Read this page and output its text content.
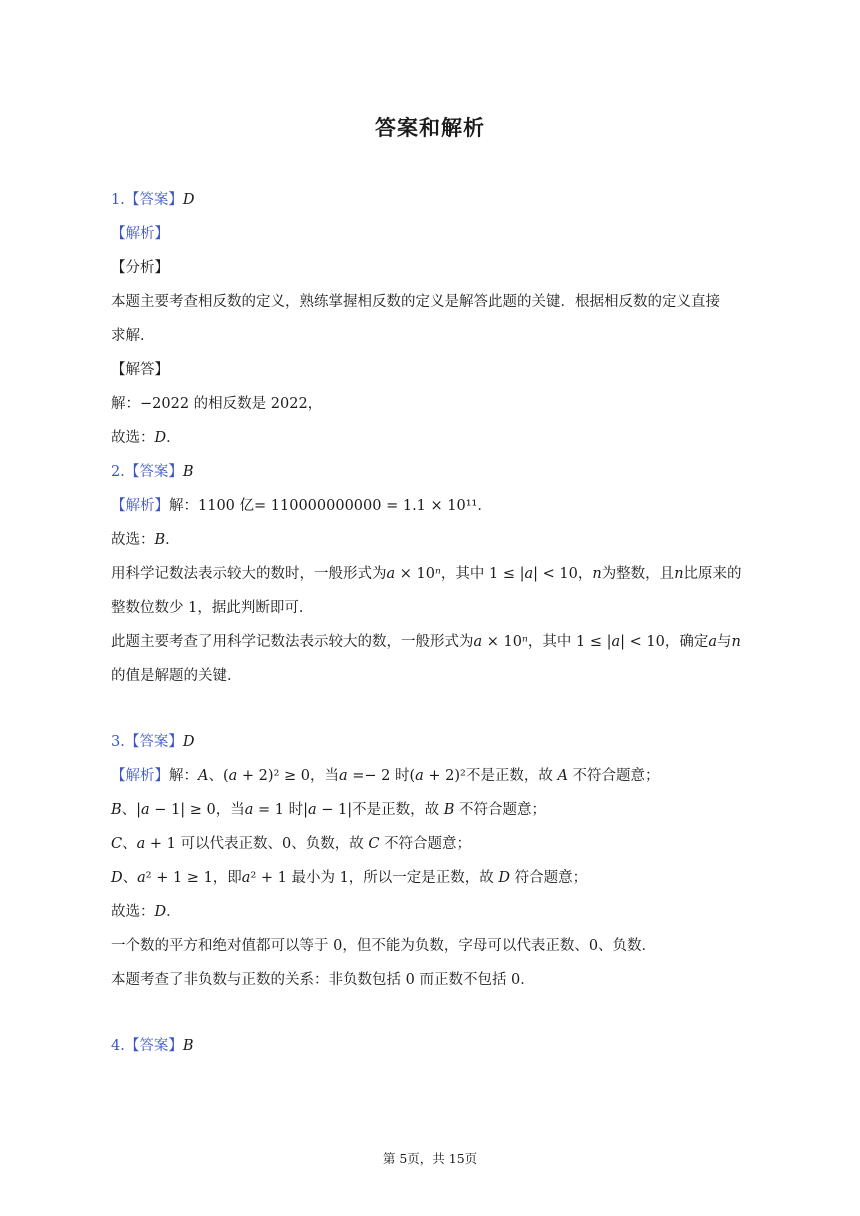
答案和解析
1.【答案】D
【解析】
【分析】
本题主要考查相反数的定义，熟练掌握相反数的定义是解答此题的关键．根据相反数的定义直接
求解．
【解答】
解：−2022 的相反数是 2022，
故选：D．
2.【答案】B
【解析】解：1100 亿= 110000000000 = 1.1 × 10¹¹．
故选：B．
用科学记数法表示较大的数时，一般形式为a × 10ⁿ，其中 1 ≤ |a| < 10，n为整数，且n比原来的
整数位数少 1，据此判断即可．
此题主要考查了用科学记数法表示较大的数，一般形式为a × 10ⁿ，其中 1 ≤ |a| < 10，确定a与n
的值是解题的关键．
3.【答案】D
【解析】解：A、(a + 2)² ≥ 0，当a =− 2 时(a + 2)²不是正数，故 A 不符合题意；
B、|a − 1| ≥ 0，当a = 1 时|a − 1|不是正数，故 B 不符合题意；
C、a + 1 可以代表正数、0、负数，故 C 不符合题意；
D、a² + 1 ≥ 1，即a² + 1 最小为 1，所以一定是正数，故 D 符合题意；
故选：D．
一个数的平方和绝对值都可以等于 0，但不能为负数，字母可以代表正数、0、负数．
本题考查了非负数与正数的关系：非负数包括 0 而正数不包括 0．
4.【答案】B
第 5页，共 15页
